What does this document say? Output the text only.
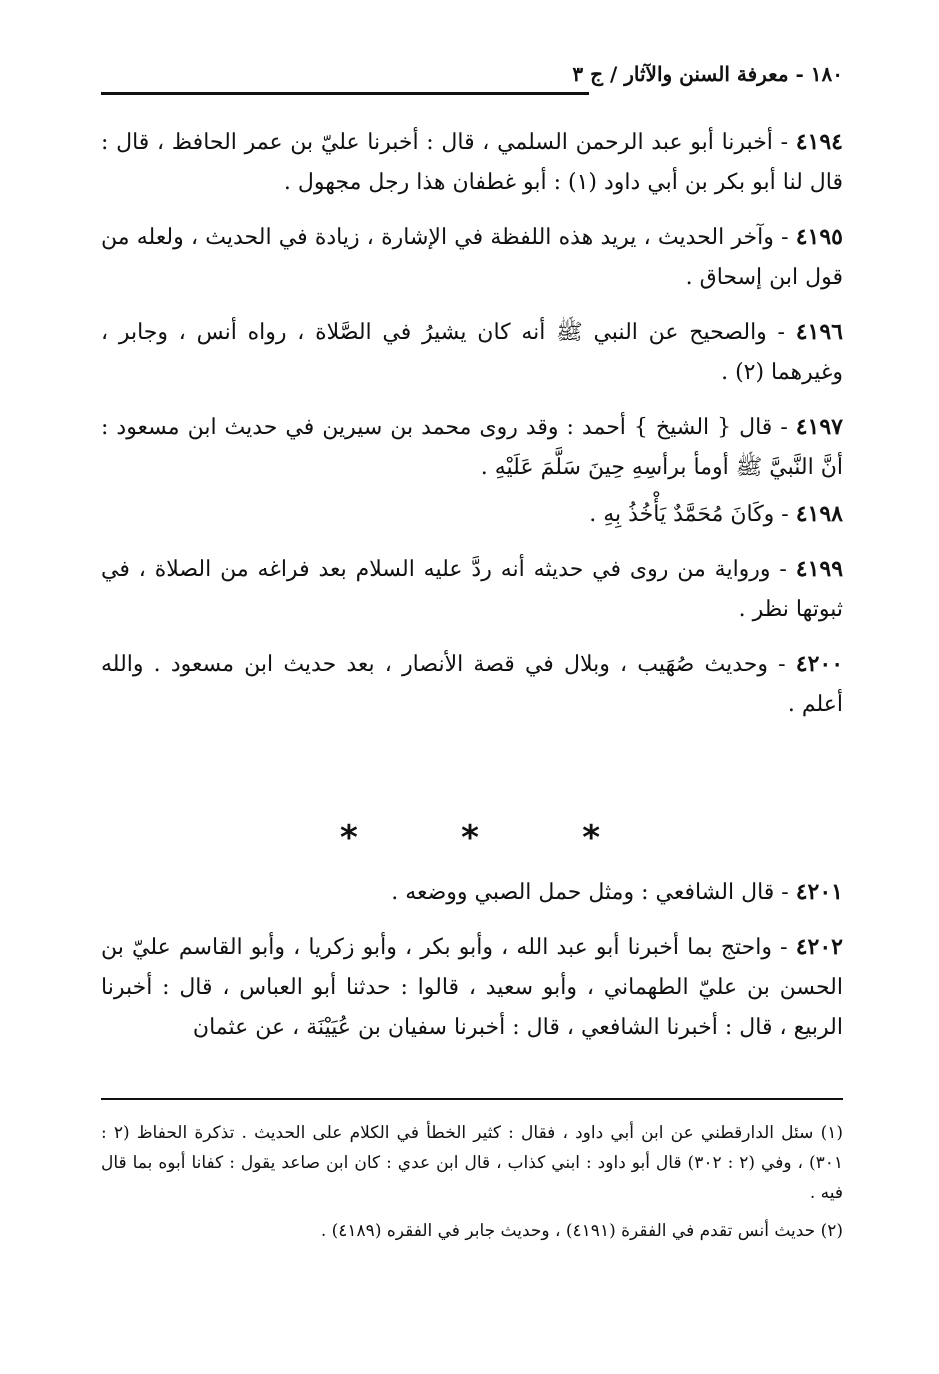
١٨٠ - معرفة السنن والآثار / ج ٣

٤١٩٤ - أخبرنا أبو عبد الرحمن السلمي ، قال : أخبرنا عليّ بن عمر الحافظ ، قال : قال لنا أبو بكر بن أبي داود (١) : أبو غطفان هذا رجل مجهول .

٤١٩٥ - وآخر الحديث ، يريد هذه اللفظة في الإشارة ، زيادة في الحديث ، ولعله من قول ابن إسحاق .

٤١٩٦ - والصحيح عن النبي ﷺ أنه كان يشيرُ في الصَّلاة ، رواه أنس ، وجابر ، وغيرهما (٢) .

٤١٩٧ - قال { الشيخ } أحمد : وقد روى محمد بن سيرين في حديث ابن مسعود : أنَّ النَّبيَّ ﷺ أومأ برأسِهِ حِينَ سَلَّمَ عَلَيْهِ .

٤١٩٨ - وكَانَ مُحَمَّدٌ يَأْخُذُ بِهِ .

٤١٩٩ - ورواية من روى في حديثه أنه ردَّ عليه السلام بعد فراغه من الصلاة ، في ثبوتها نظر .

٤٢٠٠ - وحديث صُهَيب ، وبلال في قصة الأنصار ، بعد حديث ابن مسعود . والله أعلم .

*	*	*

٤٢٠١ - قال الشافعي : ومثل حمل الصبي ووضعه .

٤٢٠٢ - واحتج بما أخبرنا أبو عبد الله ، وأبو بكر ، وأبو زكريا ، وأبو القاسم عليّ بن الحسن بن عليّ الطهماني ، وأبو سعيد ، قالوا : حدثنا أبو العباس ، قال : أخبرنا الربيع ، قال : أخبرنا الشافعي ، قال : أخبرنا سفيان بن عُيَيْنَة ، عن عثمان

(١) سئل الدارقطني عن ابن أبي داود ، فقال : كثير الخطأ في الكلام على الحديث . تذكرة الحفاظ (٢ : ٣٠١) ، وفي (٢ : ٣٠٢) قال أبو داود : ابني كذاب ، قال ابن عدي : كان ابن صاعد يقول : كفانا أبوه بما قال فيه .

(٢) حديث أنس تقدم في الفقرة (٤١٩١) ، وحديث جابر في الفقره (٤١٨٩) .
